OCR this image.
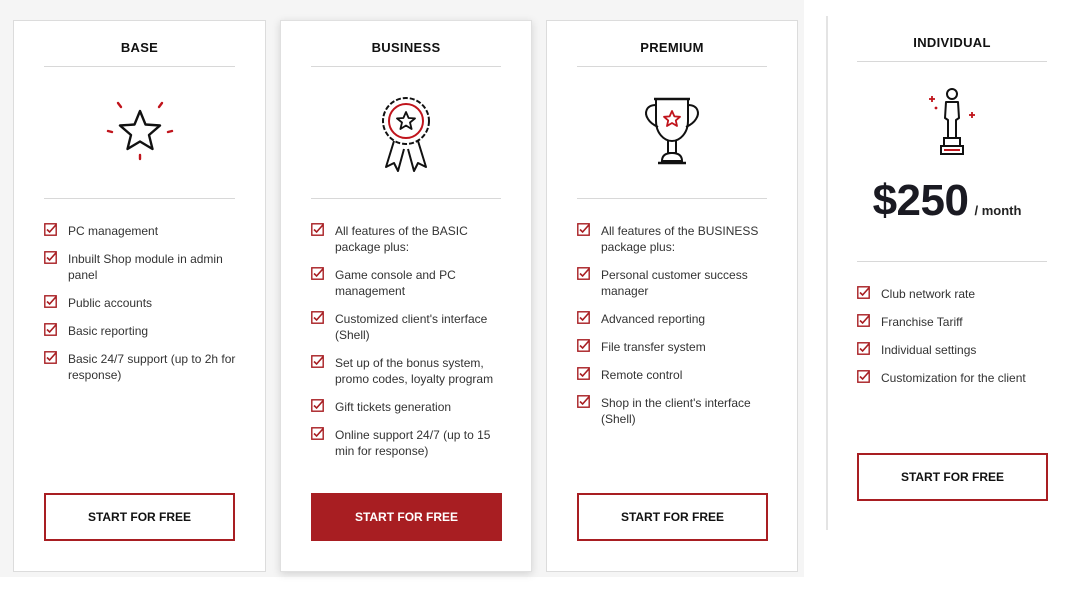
BASE
PC management
Inbuilt Shop module in admin panel
Public accounts
Basic reporting
Basic 24/7 support (up to 2h for response)
START FOR FREE
BUSINESS
All features of the BASIC package plus:
Game console and PC management
Customized client's interface (Shell)
Set up of the bonus system, promo codes, loyalty program
Gift tickets generation
Online support 24/7 (up to 15 min for response)
START FOR FREE
PREMIUM
All features of the BUSINESS package plus:
Personal customer success manager
Advanced reporting
File transfer system
Remote control
Shop in the client's interface (Shell)
START FOR FREE
INDIVIDUAL
$250 / month
Club network rate
Franchise Tariff
Individual settings
Customization for the client
START FOR FREE
